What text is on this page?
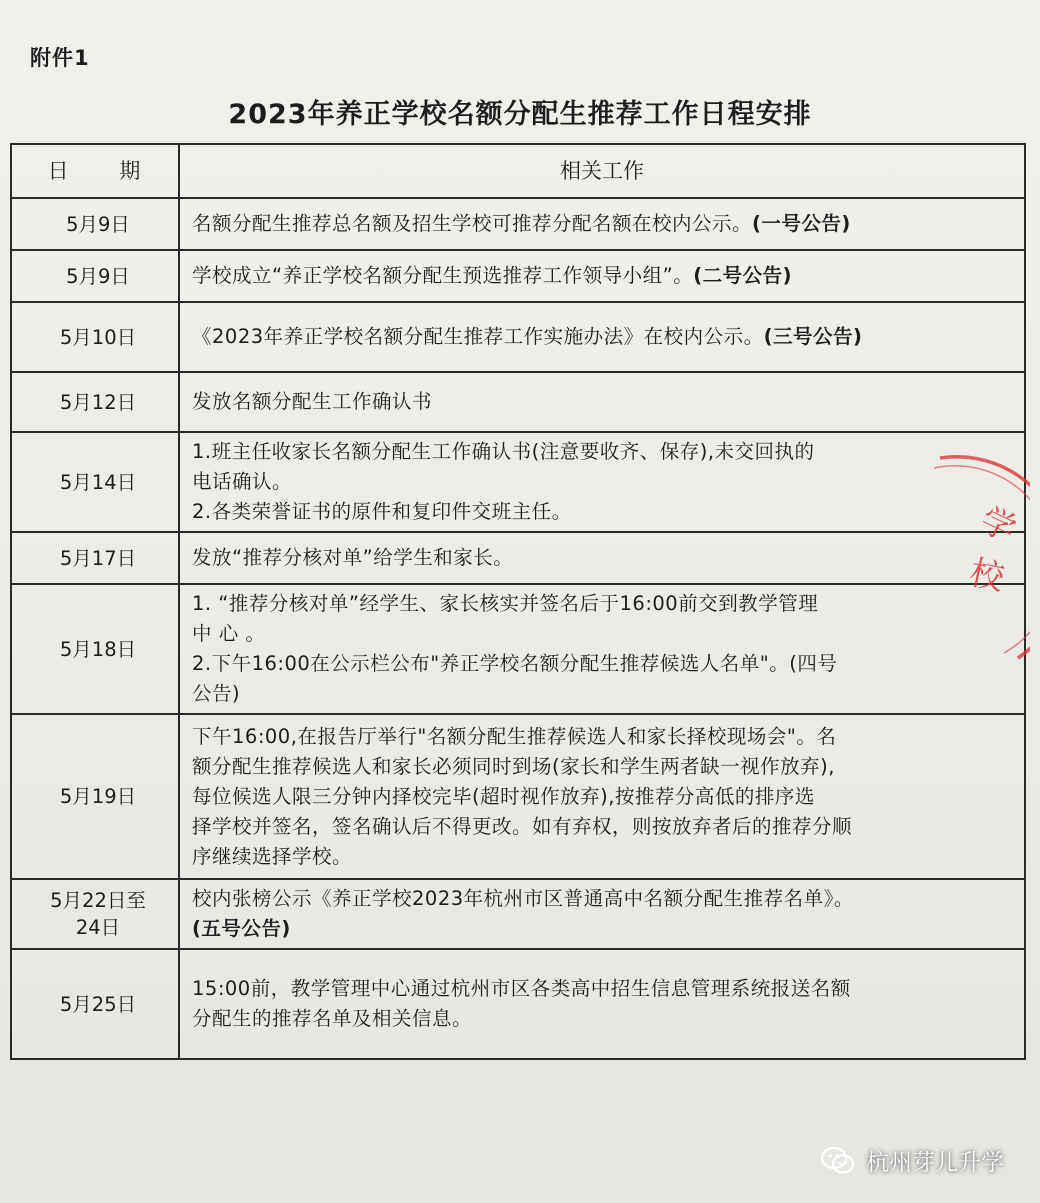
附件1
2023年养正学校名额分配生推荐工作日程安排
日 期	相关工作

5月9日	名额分配生推荐总名额及招生学校可推荐分配名额在校内公示。(一号公告)

5月9日	学校成立“养正学校名额分配生预选推荐工作领导小组”。(二号公告)

5月10日	《2023年养正学校名额分配生推荐工作实施办法》在校内公示。(三号公告)

5月12日	发放名额分配生工作确认书

5月14日	1.班主任收家长名额分配生工作确认书(注意要收齐、保存),未交回执的
电话确认。
2.各类荣誉证书的原件和复印件交班主任。

5月17日	发放“推荐分核对单”给学生和家长。

5月18日	1. “推荐分核对单”经学生、家长核实并签名后于16:00前交到教学管理
中 心 。
2.下午16:00在公示栏公布"养正学校名额分配生推荐候选人名单"。(四号
公告)

5月19日	下午16:00,在报告厅举行"名额分配生推荐候选人和家长择校现场会"。名
额分配生推荐候选人和家长必须同时到场(家长和学生两者缺一视作放弃),
每位候选人限三分钟内择校完毕(超时视作放弃),按推荐分高低的排序选
择学校并签名，签名确认后不得更改。如有弃权，则按放弃者后的推荐分顺
序继续选择学校。

5月22日至
24日	校内张榜公示《养正学校2023年杭州市区普通高中名额分配生推荐名单》。
(五号公告)

5月25日	15:00前，教学管理中心通过杭州市区各类高中招生信息管理系统报送名额
分配生的推荐名单及相关信息。
学
校
杭州芽儿升学
